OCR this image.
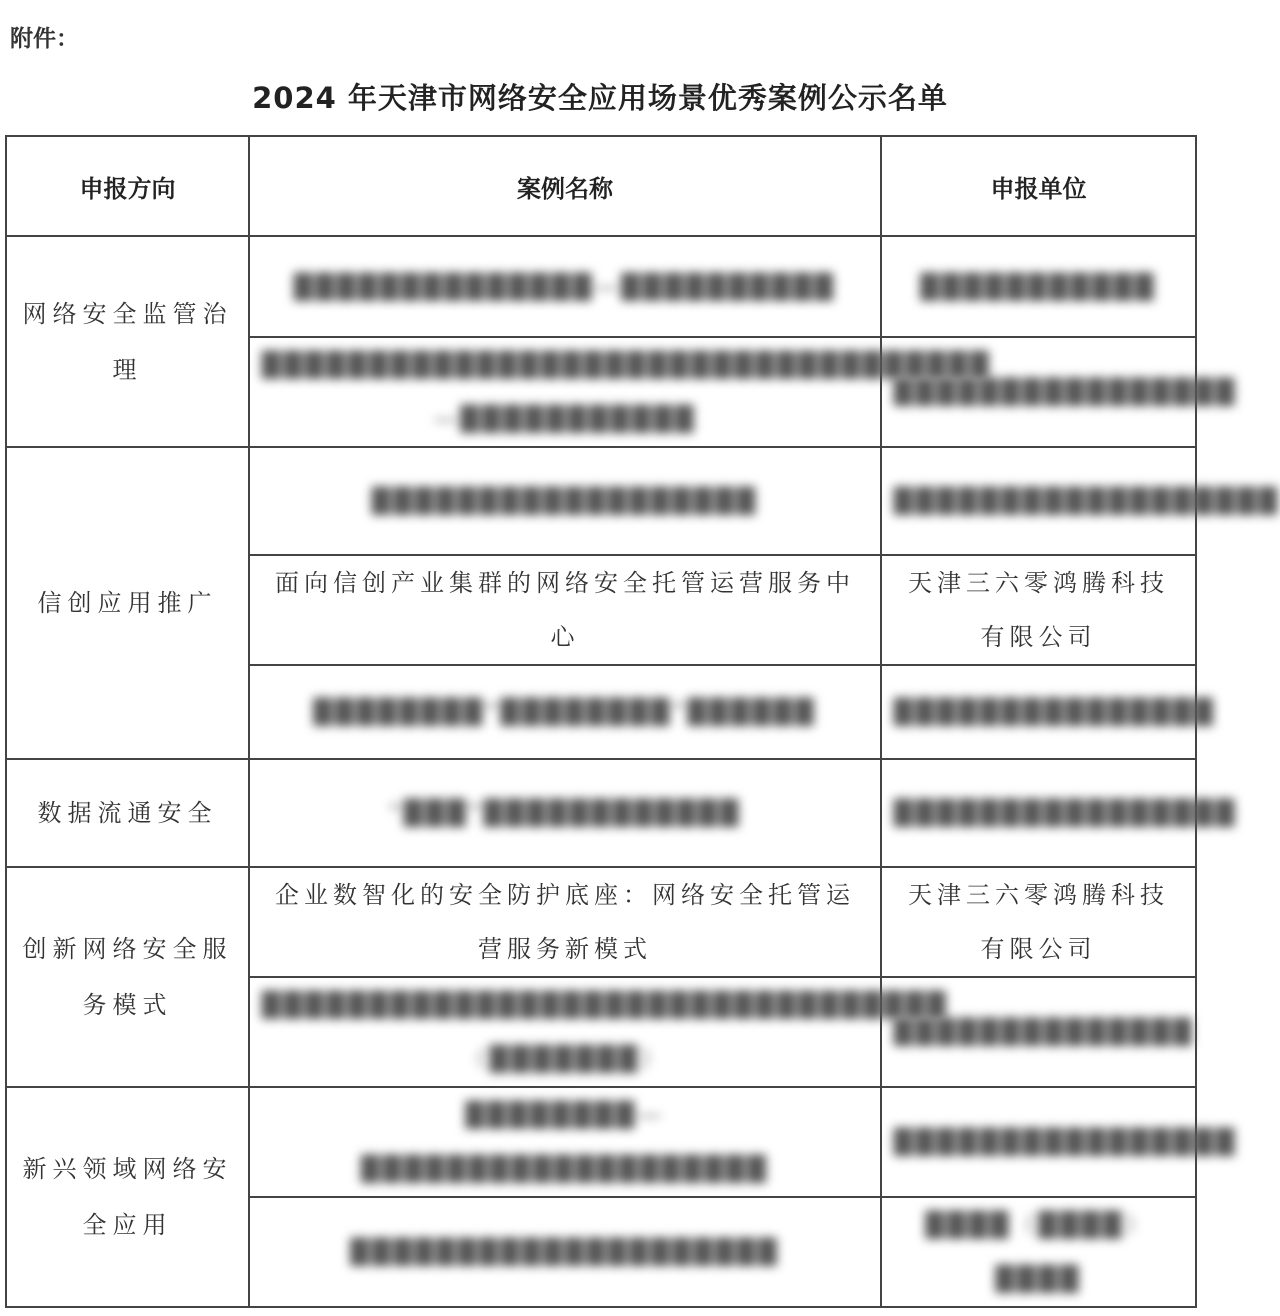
附件：
2024 年天津市网络安全应用场景优秀案例公示名单
申报方向	案例名称	申报单位
网络安全监管治理	██████████████—██████████	███████████
	██████████████████████████████████—███████████	████████████████
信创应用推广	██████████████████	██████████████████
	面向信创产业集群的网络安全托管运营服务中心	天津三六零鸿腾科技有限公司
	████████“████████”██████	███████████████
数据流通安全	“███”████████████	████████████████
创新网络安全服务模式	企业数智化的安全防护底座：网络安全托管运营服务新模式	天津三六零鸿腾科技有限公司
	████████████████████████████████（███████）	██████████████
新兴领域网络安全应用	████████—███████████████████	████████████████
	████████████████████	████（████）████
